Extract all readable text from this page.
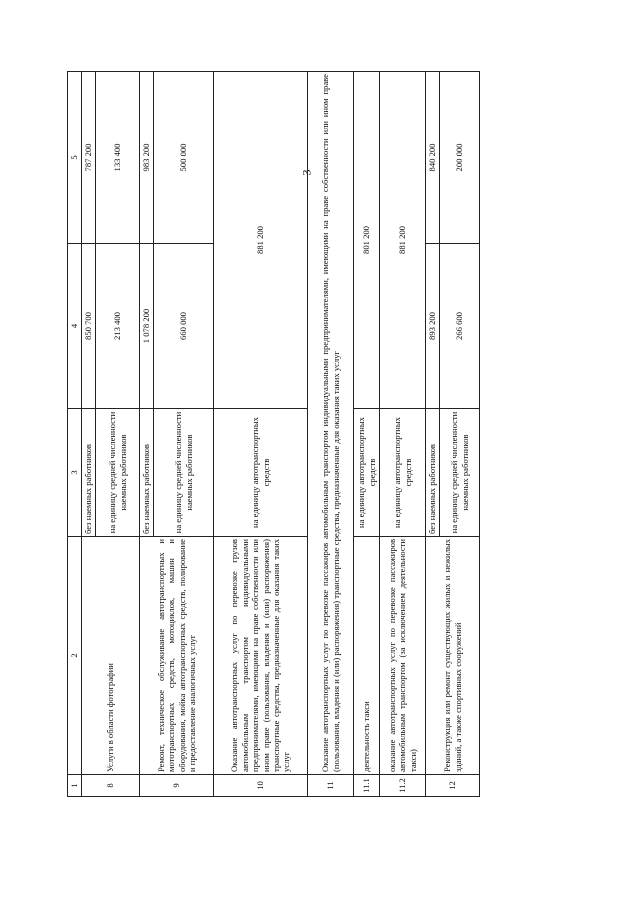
3
1	2	3	4	5
8	Услуги в области фотографии	без наемных работников	850 700	787 200
		на единицу средней численности наемных работников	213 400	133 400
9	Ремонт, техническое обслуживание автотранспортных и мототранспортных средств, мотоциклов, машин и оборудования, мойка автотранспортных средств, полирование и предоставление аналогичных услуг	без наемных работников	1 078 200	983 200
		на единицу средней численности наемных работников	660 000	500 000
10	Оказание автотранспортных услуг по перевозке грузов автомобильным транспортом индивидуальными предпринимателями, имеющими на праве собственности или ином праве (пользования, владения и (или) распоряжения) транспортные средства, предназначенные для оказания таких услуг	на единицу автотранспортных средств	881 200	
11	Оказание автотранспортных услуг по перевозке пассажиров автомобильным транспортом индивидуальными предпринимателями, имеющими на праве собственности или ином праве (пользования, владения и (или) распоряжения) транспортные средства, предназначенные для оказания таких услуг			
11.1	деятельность такси	на единицу автотранспортных средств	801 200	
11.2	оказание автотранспортных услуг по перевозке пассажиров автомобильным транспортом (за исключением деятельности такси)	на единицу автотранспортных средств	881 200	
12	Реконструкция или ремонт существующих жилых и нежилых зданий, а также спортивных сооружений	без наемных работников	893 200	840 200
		на единицу средней численности наемных работников	266 600	200 000
